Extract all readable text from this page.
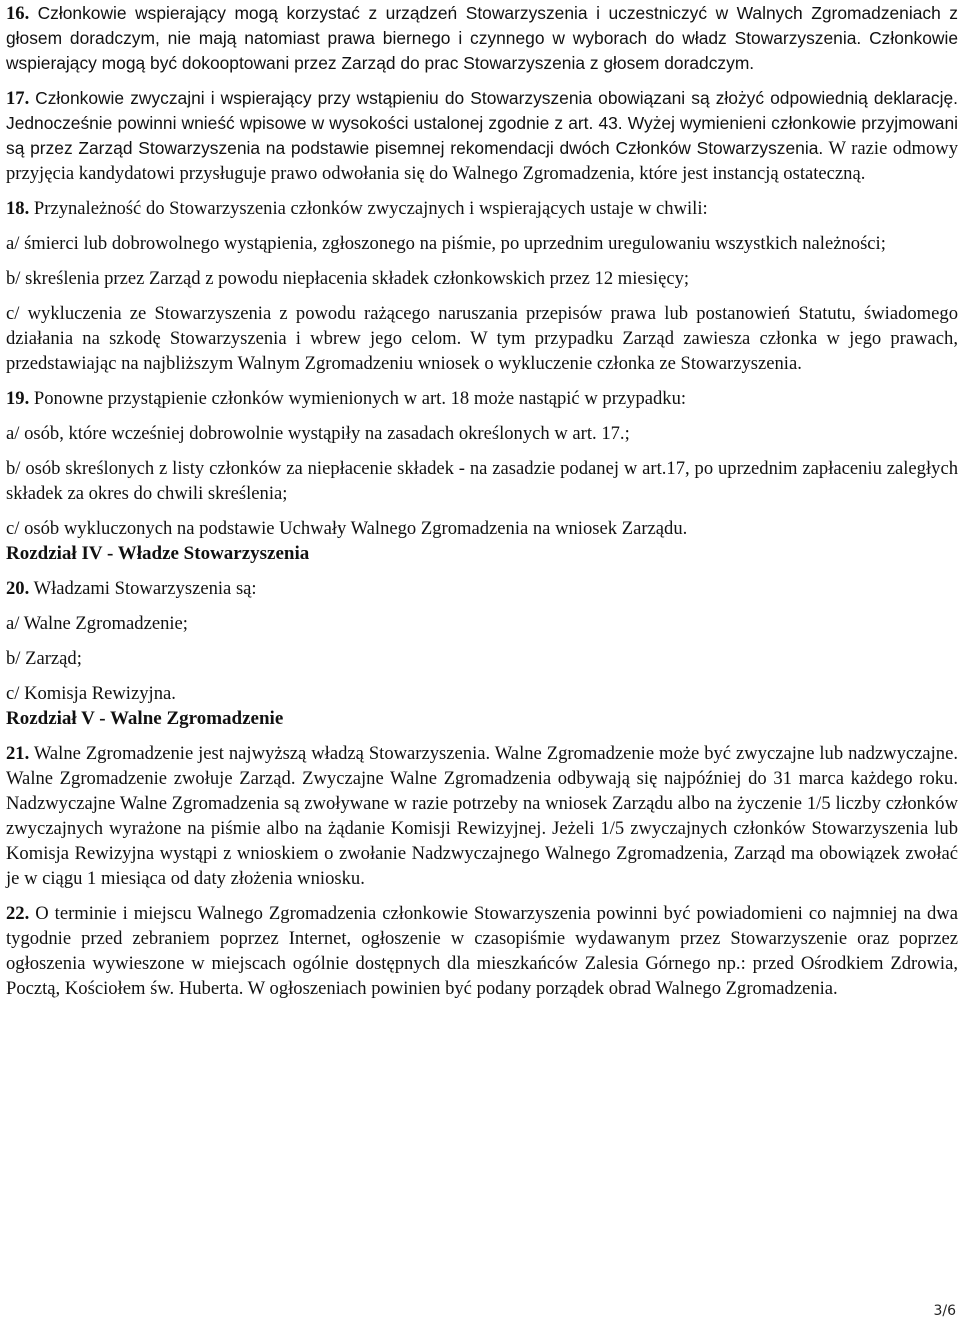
16. Członkowie wspierający mogą korzystać z urządzeń Stowarzyszenia i uczestniczyć w Walnych Zgromadzeniach z głosem doradczym, nie mają natomiast prawa biernego i czynnego w wyborach do władz Stowarzyszenia. Członkowie wspierający mogą być dokooptowani przez Zarząd do prac Stowarzyszenia z głosem doradczym.

17. Członkowie zwyczajni i wspierający przy wstąpieniu do Stowarzyszenia obowiązani są złożyć odpowiednią deklarację. Jednocześnie powinni wnieść wpisowe w wysokości ustalonej zgodnie z art. 43. Wyżej wymienieni członkowie przyjmowani są przez Zarząd Stowarzyszenia na podstawie pisemnej rekomendacji dwóch Członków Stowarzyszenia. W razie odmowy przyjęcia kandydatowi przysługuje prawo odwołania się do Walnego Zgromadzenia, które jest instancją ostateczną.

18. Przynależność do Stowarzyszenia członków zwyczajnych i wspierających ustaje w chwili:

a/ śmierci lub dobrowolnego wystąpienia, zgłoszonego na piśmie, po uprzednim uregulowaniu wszystkich należności;

b/ skreślenia przez Zarząd z powodu niepłacenia składek członkowskich przez 12 miesięcy;

c/ wykluczenia ze Stowarzyszenia z powodu rażącego naruszania przepisów prawa lub postanowień Statutu, świadomego działania na szkodę Stowarzyszenia i wbrew jego celom. W tym przypadku Zarząd zawiesza członka w jego prawach, przedstawiając na najbliższym Walnym Zgromadzeniu wniosek o wykluczenie członka ze Stowarzyszenia.

19. Ponowne przystąpienie członków wymienionych w art. 18 może nastąpić w przypadku:

a/ osób, które wcześniej dobrowolnie wystąpiły na zasadach określonych w art. 17.;

b/ osób skreślonych z listy członków za niepłacenie składek - na zasadzie podanej w art.17, po uprzednim zapłaceniu zaległych składek za okres do chwili skreślenia;

c/ osób wykluczonych na podstawie Uchwały Walnego Zgromadzenia na wniosek Zarządu.

Rozdział IV - Władze Stowarzyszenia

20. Władzami Stowarzyszenia są:

a/ Walne Zgromadzenie;

b/ Zarząd;

c/ Komisja Rewizyjna.

Rozdział V - Walne Zgromadzenie

21. Walne Zgromadzenie jest najwyższą władzą Stowarzyszenia. Walne Zgromadzenie może być zwyczajne lub nadzwyczajne. Walne Zgromadzenie zwołuje Zarząd. Zwyczajne Walne Zgromadzenia odbywają się najpóźniej do 31 marca każdego roku. Nadzwyczajne Walne Zgromadzenia są zwoływane w razie potrzeby na wniosek Zarządu albo na życzenie 1/5 liczby członków zwyczajnych wyrażone na piśmie albo na żądanie Komisji Rewizyjnej. Jeżeli 1/5 zwyczajnych członków Stowarzyszenia lub Komisja Rewizyjna wystąpi z wnioskiem o zwołanie Nadzwyczajnego Walnego Zgromadzenia, Zarząd ma obowiązek zwołać je w ciągu 1 miesiąca od daty złożenia wniosku.

22. O terminie i miejscu Walnego Zgromadzenia członkowie Stowarzyszenia powinni być powiadomieni co najmniej na dwa tygodnie przed zebraniem poprzez Internet, ogłoszenie w czasopiśmie wydawanym przez Stowarzyszenie oraz poprzez ogłoszenia wywieszone w miejscach ogólnie dostępnych dla mieszkańców Zalesia Górnego np.: przed Ośrodkiem Zdrowia, Pocztą, Kościołem św. Huberta. W ogłoszeniach powinien być podany porządek obrad Walnego Zgromadzenia.

3/6
